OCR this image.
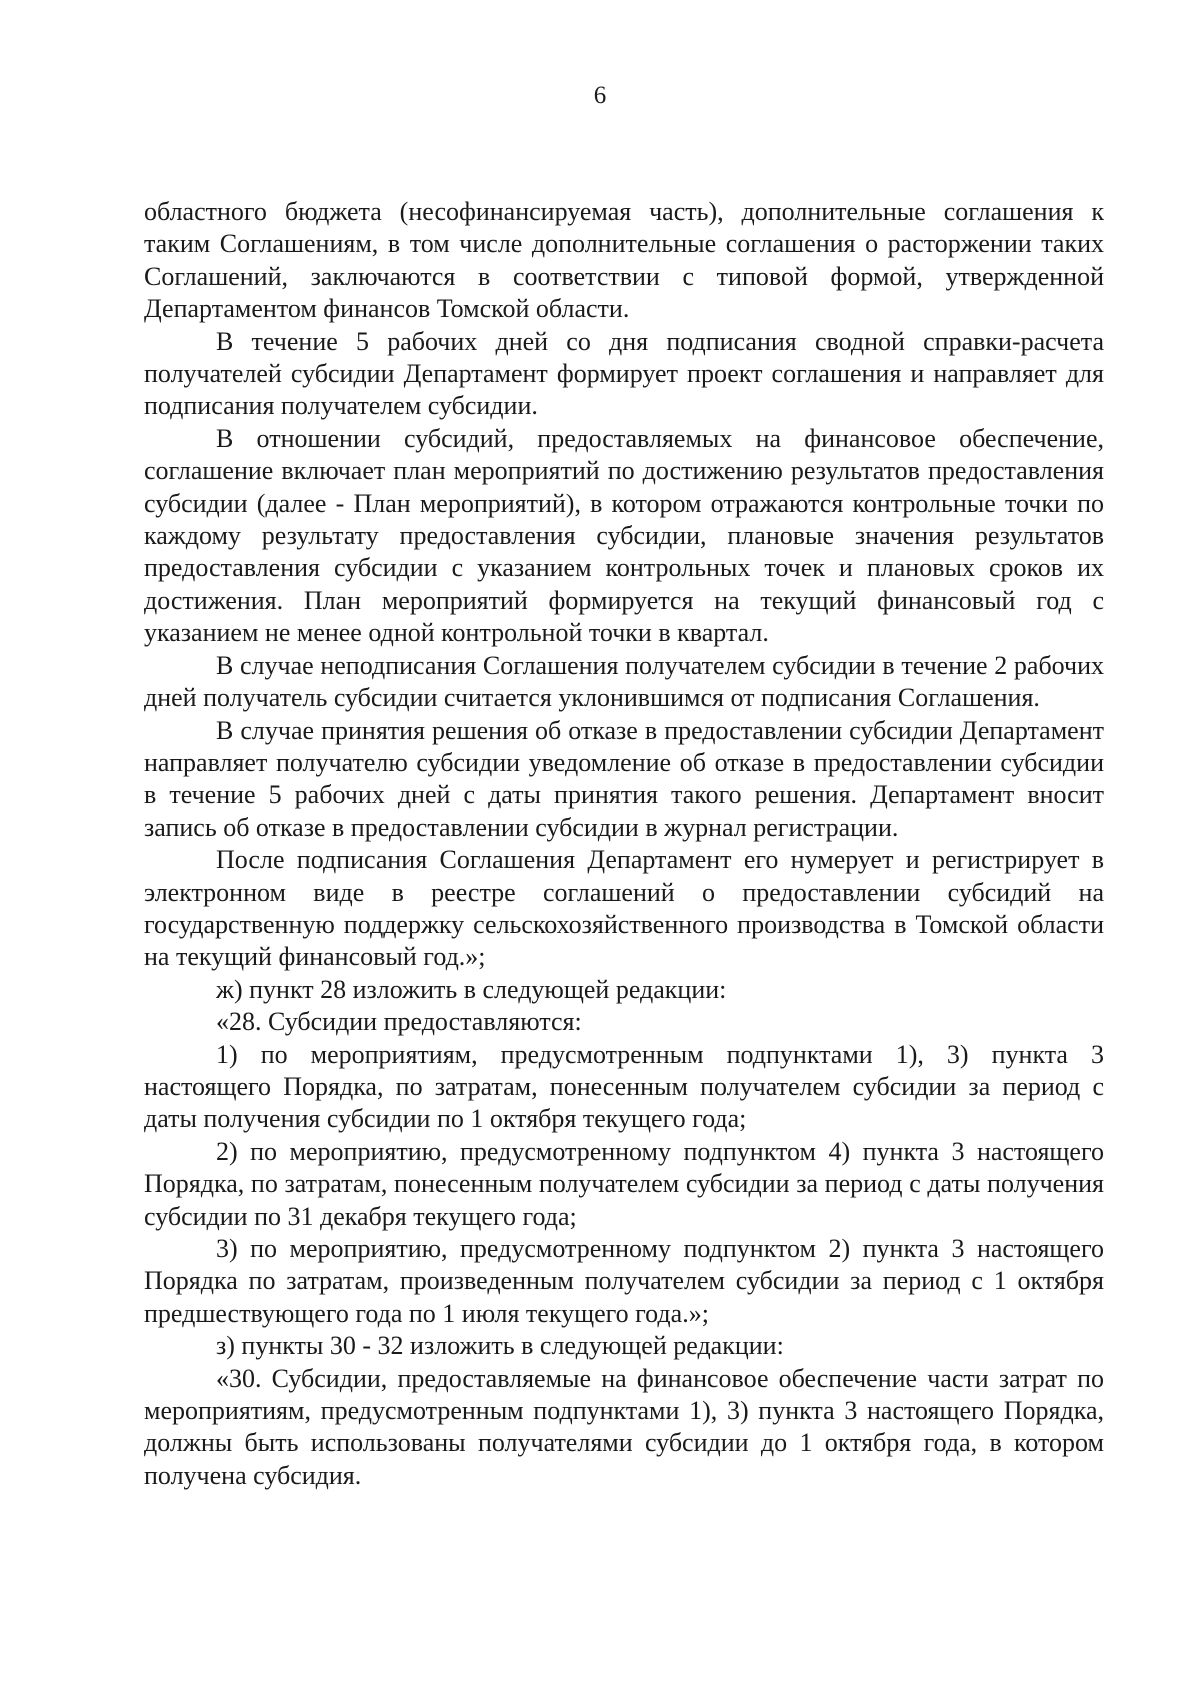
6

областного бюджета (несофинансируемая часть), дополнительные соглашения к таким Соглашениям, в том числе дополнительные соглашения о расторжении таких Соглашений, заключаются в соответствии с типовой формой, утвержденной Департаментом финансов Томской области.

В течение 5 рабочих дней со дня подписания сводной справки-расчета получателей субсидии Департамент формирует проект соглашения и направляет для подписания получателем субсидии.

В отношении субсидий, предоставляемых на финансовое обеспечение, соглашение включает план мероприятий по достижению результатов предоставления субсидии (далее - План мероприятий), в котором отражаются контрольные точки по каждому результату предоставления субсидии, плановые значения результатов предоставления субсидии с указанием контрольных точек и плановых сроков их достижения. План мероприятий формируется на текущий финансовый год с указанием не менее одной контрольной точки в квартал.

В случае неподписания Соглашения получателем субсидии в течение 2 рабочих дней получатель субсидии считается уклонившимся от подписания Соглашения.

В случае принятия решения об отказе в предоставлении субсидии Департамент направляет получателю субсидии уведомление об отказе в предоставлении субсидии в течение 5 рабочих дней с даты принятия такого решения. Департамент вносит запись об отказе в предоставлении субсидии в журнал регистрации.

После подписания Соглашения Департамент его нумерует и регистрирует в электронном виде в реестре соглашений о предоставлении субсидий на государственную поддержку сельскохозяйственного производства в Томской области на текущий финансовый год.»;

ж) пункт 28 изложить в следующей редакции:

«28. Субсидии предоставляются:

1) по мероприятиям, предусмотренным подпунктами 1), 3) пункта 3 настоящего Порядка, по затратам, понесенным получателем субсидии за период с даты получения субсидии по 1 октября текущего года;

2) по мероприятию, предусмотренному подпунктом 4) пункта 3 настоящего Порядка, по затратам, понесенным получателем субсидии за период с даты получения субсидии по 31 декабря текущего года;

3) по мероприятию, предусмотренному подпунктом 2) пункта 3 настоящего Порядка по затратам, произведенным получателем субсидии за период с 1 октября предшествующего года по 1 июля текущего года.»;

з) пункты 30 - 32 изложить в следующей редакции:

«30. Субсидии, предоставляемые на финансовое обеспечение части затрат по мероприятиям, предусмотренным подпунктами 1), 3) пункта 3 настоящего Порядка, должны быть использованы получателями субсидии до 1 октября года, в котором получена субсидия.
